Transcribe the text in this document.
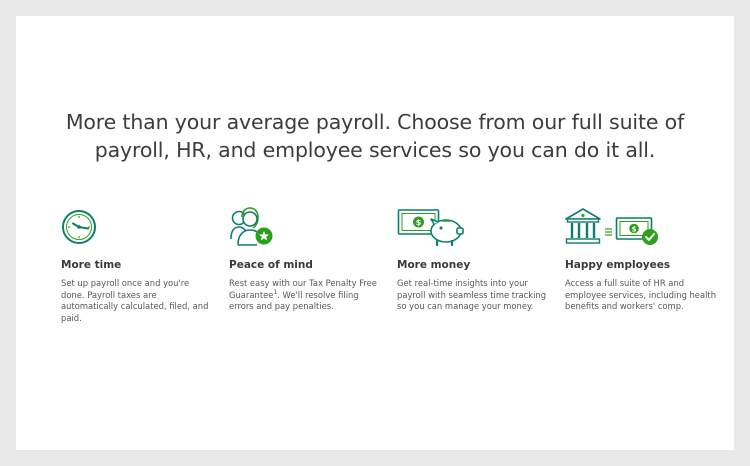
More than your average payroll. Choose from our full suite of
payroll, HR, and employee services so you can do it all.
More time
Set up payroll once and you're done. Payroll taxes are automatically calculated, filed, and paid.
Peace of mind
Rest easy with our Tax Penalty Free Guarantee$^1$. We'll resolve filing errors and pay penalties.
$
More money
Get real-time insights into your payroll with seamless time tracking so you can manage your money.
$
Happy employees
Access a full suite of HR and employee services, including health benefits and workers' comp.
